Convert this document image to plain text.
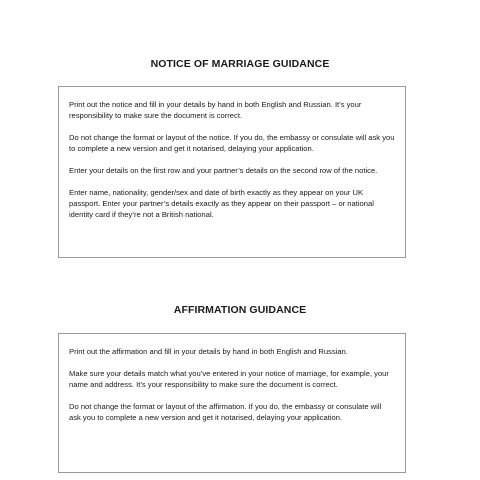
NOTICE OF MARRIAGE GUIDANCE

Print out the notice and fill in your details by hand in both English and Russian. It’s your responsibility to make sure the document is correct.

Do not change the format or layout of the notice. If you do, the embassy or consulate will ask you to complete a new version and get it notarised, delaying your application.

Enter your details on the first row and your partner’s details on the second row of the notice.

Enter name, nationality, gender/sex and date of birth exactly as they appear on your UK passport. Enter your partner’s details exactly as they appear on their passport – or national identity card if they’re not a British national.

AFFIRMATION GUIDANCE

Print out the affirmation and fill in your details by hand in both English and Russian.

Make sure your details match what you’ve entered in your notice of marriage, for example, your name and address. It’s your responsibility to make sure the document is correct.

Do not change the format or layout of the affirmation. If you do, the embassy or consulate will ask you to complete a new version and get it notarised, delaying your application.
